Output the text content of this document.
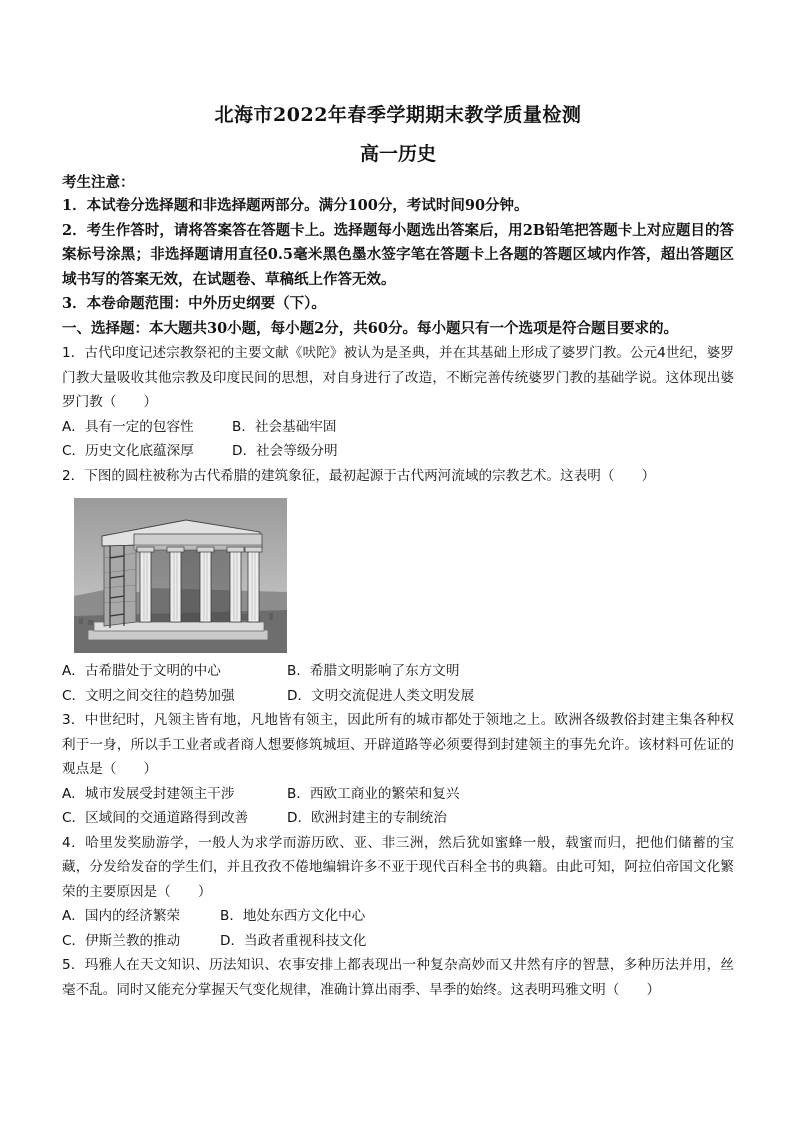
北海市2022年春季学期期末教学质量检测
高一历史

考生注意：

1．本试卷分选择题和非选择题两部分。满分100分，考试时间90分钟。

2．考生作答时，请将答案答在答题卡上。选择题每小题选出答案后，用2B铅笔把答题卡上对应题目的答案标号涂黑；非选择题请用直径0.5毫米黑色墨水签字笔在答题卡上各题的答题区域内作答，超出答题区域书写的答案无效，在试题卷、草稿纸上作答无效。

3．本卷命题范围：中外历史纲要（下）。

一、选择题：本大题共30小题，每小题2分，共60分。每小题只有一个选项是符合题目要求的。

1．古代印度记述宗教祭祀的主要文献《吠陀》被认为是圣典，并在其基础上形成了婆罗门教。公元4世纪，婆罗门教大量吸收其他宗教及印度民间的思想，对自身进行了改造，不断完善传统婆罗门教的基础学说。这体现出婆罗门教（　　）

A．具有一定的包容性	B．社会基础牢固
C．历史文化底蕴深厚	D．社会等级分明

2．下图的圆柱被称为古代希腊的建筑象征，最初起源于古代两河流域的宗教艺术。这表明（　　）

A．古希腊处于文明的中心	B．希腊文明影响了东方文明
C．文明之间交往的趋势加强	D．文明交流促进人类文明发展

3．中世纪时，凡领主皆有地，凡地皆有领主，因此所有的城市都处于领地之上。欧洲各级教俗封建主集各种权利于一身，所以手工业者或者商人想要修筑城垣、开辟道路等必须要得到封建领主的事先允许。该材料可佐证的观点是（　　）

A．城市发展受封建领主干涉	B．西欧工商业的繁荣和复兴
C．区域间的交通道路得到改善	D．欧洲封建主的专制统治

4．哈里发奖励游学，一般人为求学而游历欧、亚、非三洲，然后犹如蜜蜂一般，载蜜而归，把他们储蓄的宝藏，分发给发奋的学生们，并且孜孜不倦地编辑许多不亚于现代百科全书的典籍。由此可知，阿拉伯帝国文化繁荣的主要原因是（　　）

A．国内的经济繁荣	B．地处东西方文化中心
C．伊斯兰教的推动	D．当政者重视科技文化

5．玛雅人在天文知识、历法知识、农事安排上都表现出一种复杂高妙而又井然有序的智慧，多种历法并用，丝毫不乱。同时又能充分掌握天气变化规律，准确计算出雨季、旱季的始终。这表明玛雅文明（　　）
